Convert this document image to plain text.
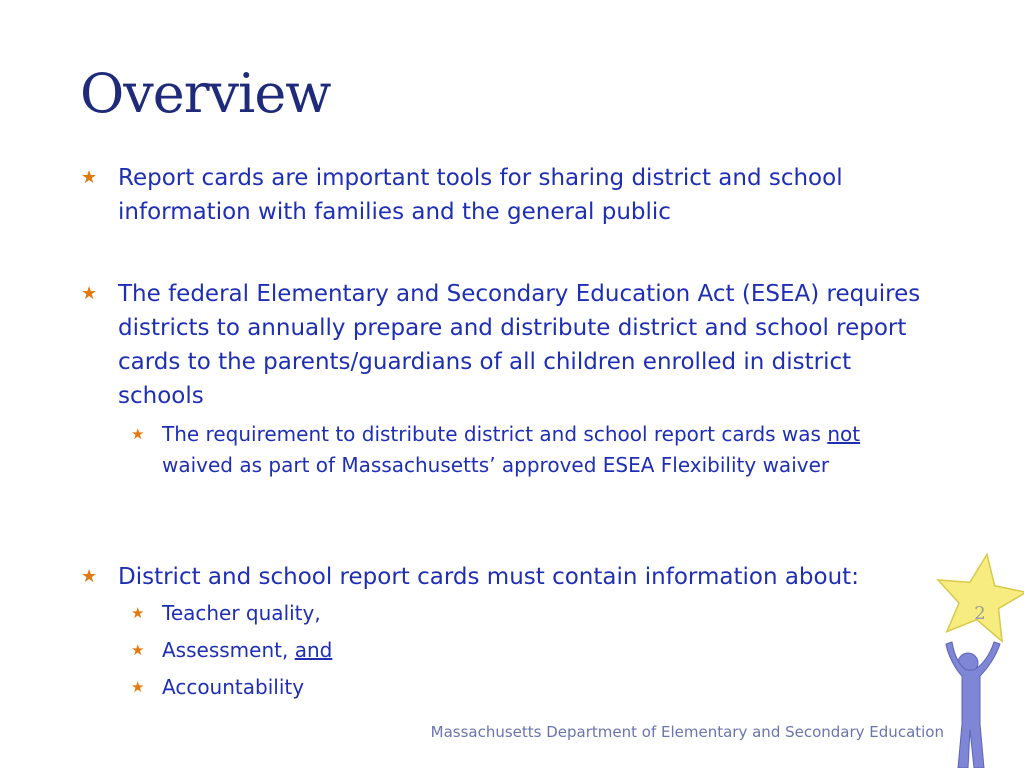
Overview

★ Report cards are important tools for sharing district and school information with families and the general public

★ The federal Elementary and Secondary Education Act (ESEA) requires districts to annually prepare and distribute district and school report cards to the parents/guardians of all children enrolled in district schools

★ The requirement to distribute district and school report cards was not waived as part of Massachusetts’ approved ESEA Flexibility waiver

★ District and school report cards must contain information about:

★ Teacher quality,

★ Assessment, and

★ Accountability

Massachusetts Department of Elementary and Secondary Education
2
